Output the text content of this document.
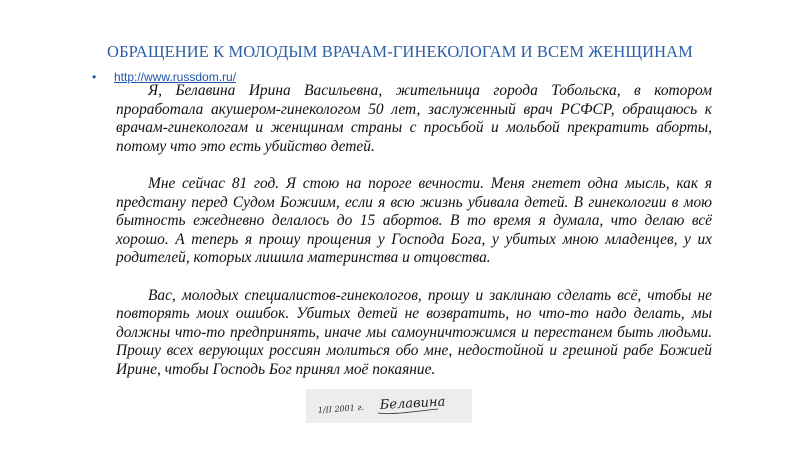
ОБРАЩЕНИЕ К МОЛОДЫМ ВРАЧАМ-ГИНЕКОЛОГАМ И ВСЕМ ЖЕНЩИНАМ
• http://www.russdom.ru/

Я, Белавина Ирина Васильевна, жительница города Тобольска, в котором проработала акушером-гинекологом 50 лет, заслуженный врач РСФСР, обращаюсь к врачам-гинекологам и женщинам страны с просьбой и мольбой прекратить аборты, потому что это есть убийство детей.

Мне сейчас 81 год. Я стою на пороге вечности. Меня гнетет одна мысль, как я предстану перед Судом Божиим, если я всю жизнь убивала детей. В гинекологии в мою бытность ежедневно делалось до 15 абортов. В то время я думала, что делаю всё хорошо. А теперь я прошу прощения у Господа Бога, у убитых мною младенцев, у их родителей, которых лишила материнства и отцовства.

Вас, молодых специалистов-гинекологов, прошу и заклинаю сделать всё, чтобы не повторять моих ошибок. Убитых детей не возвратить, но что-то надо делать, мы должны что-то предпринять, иначе мы самоуничтожимся и перестанем быть людьми. Прошу всех верующих россиян молиться обо мне, недостойной и грешной рабе Божией Ирине, чтобы Господь Бог принял моё покаяние.

1/II 2001 г. Белавина
